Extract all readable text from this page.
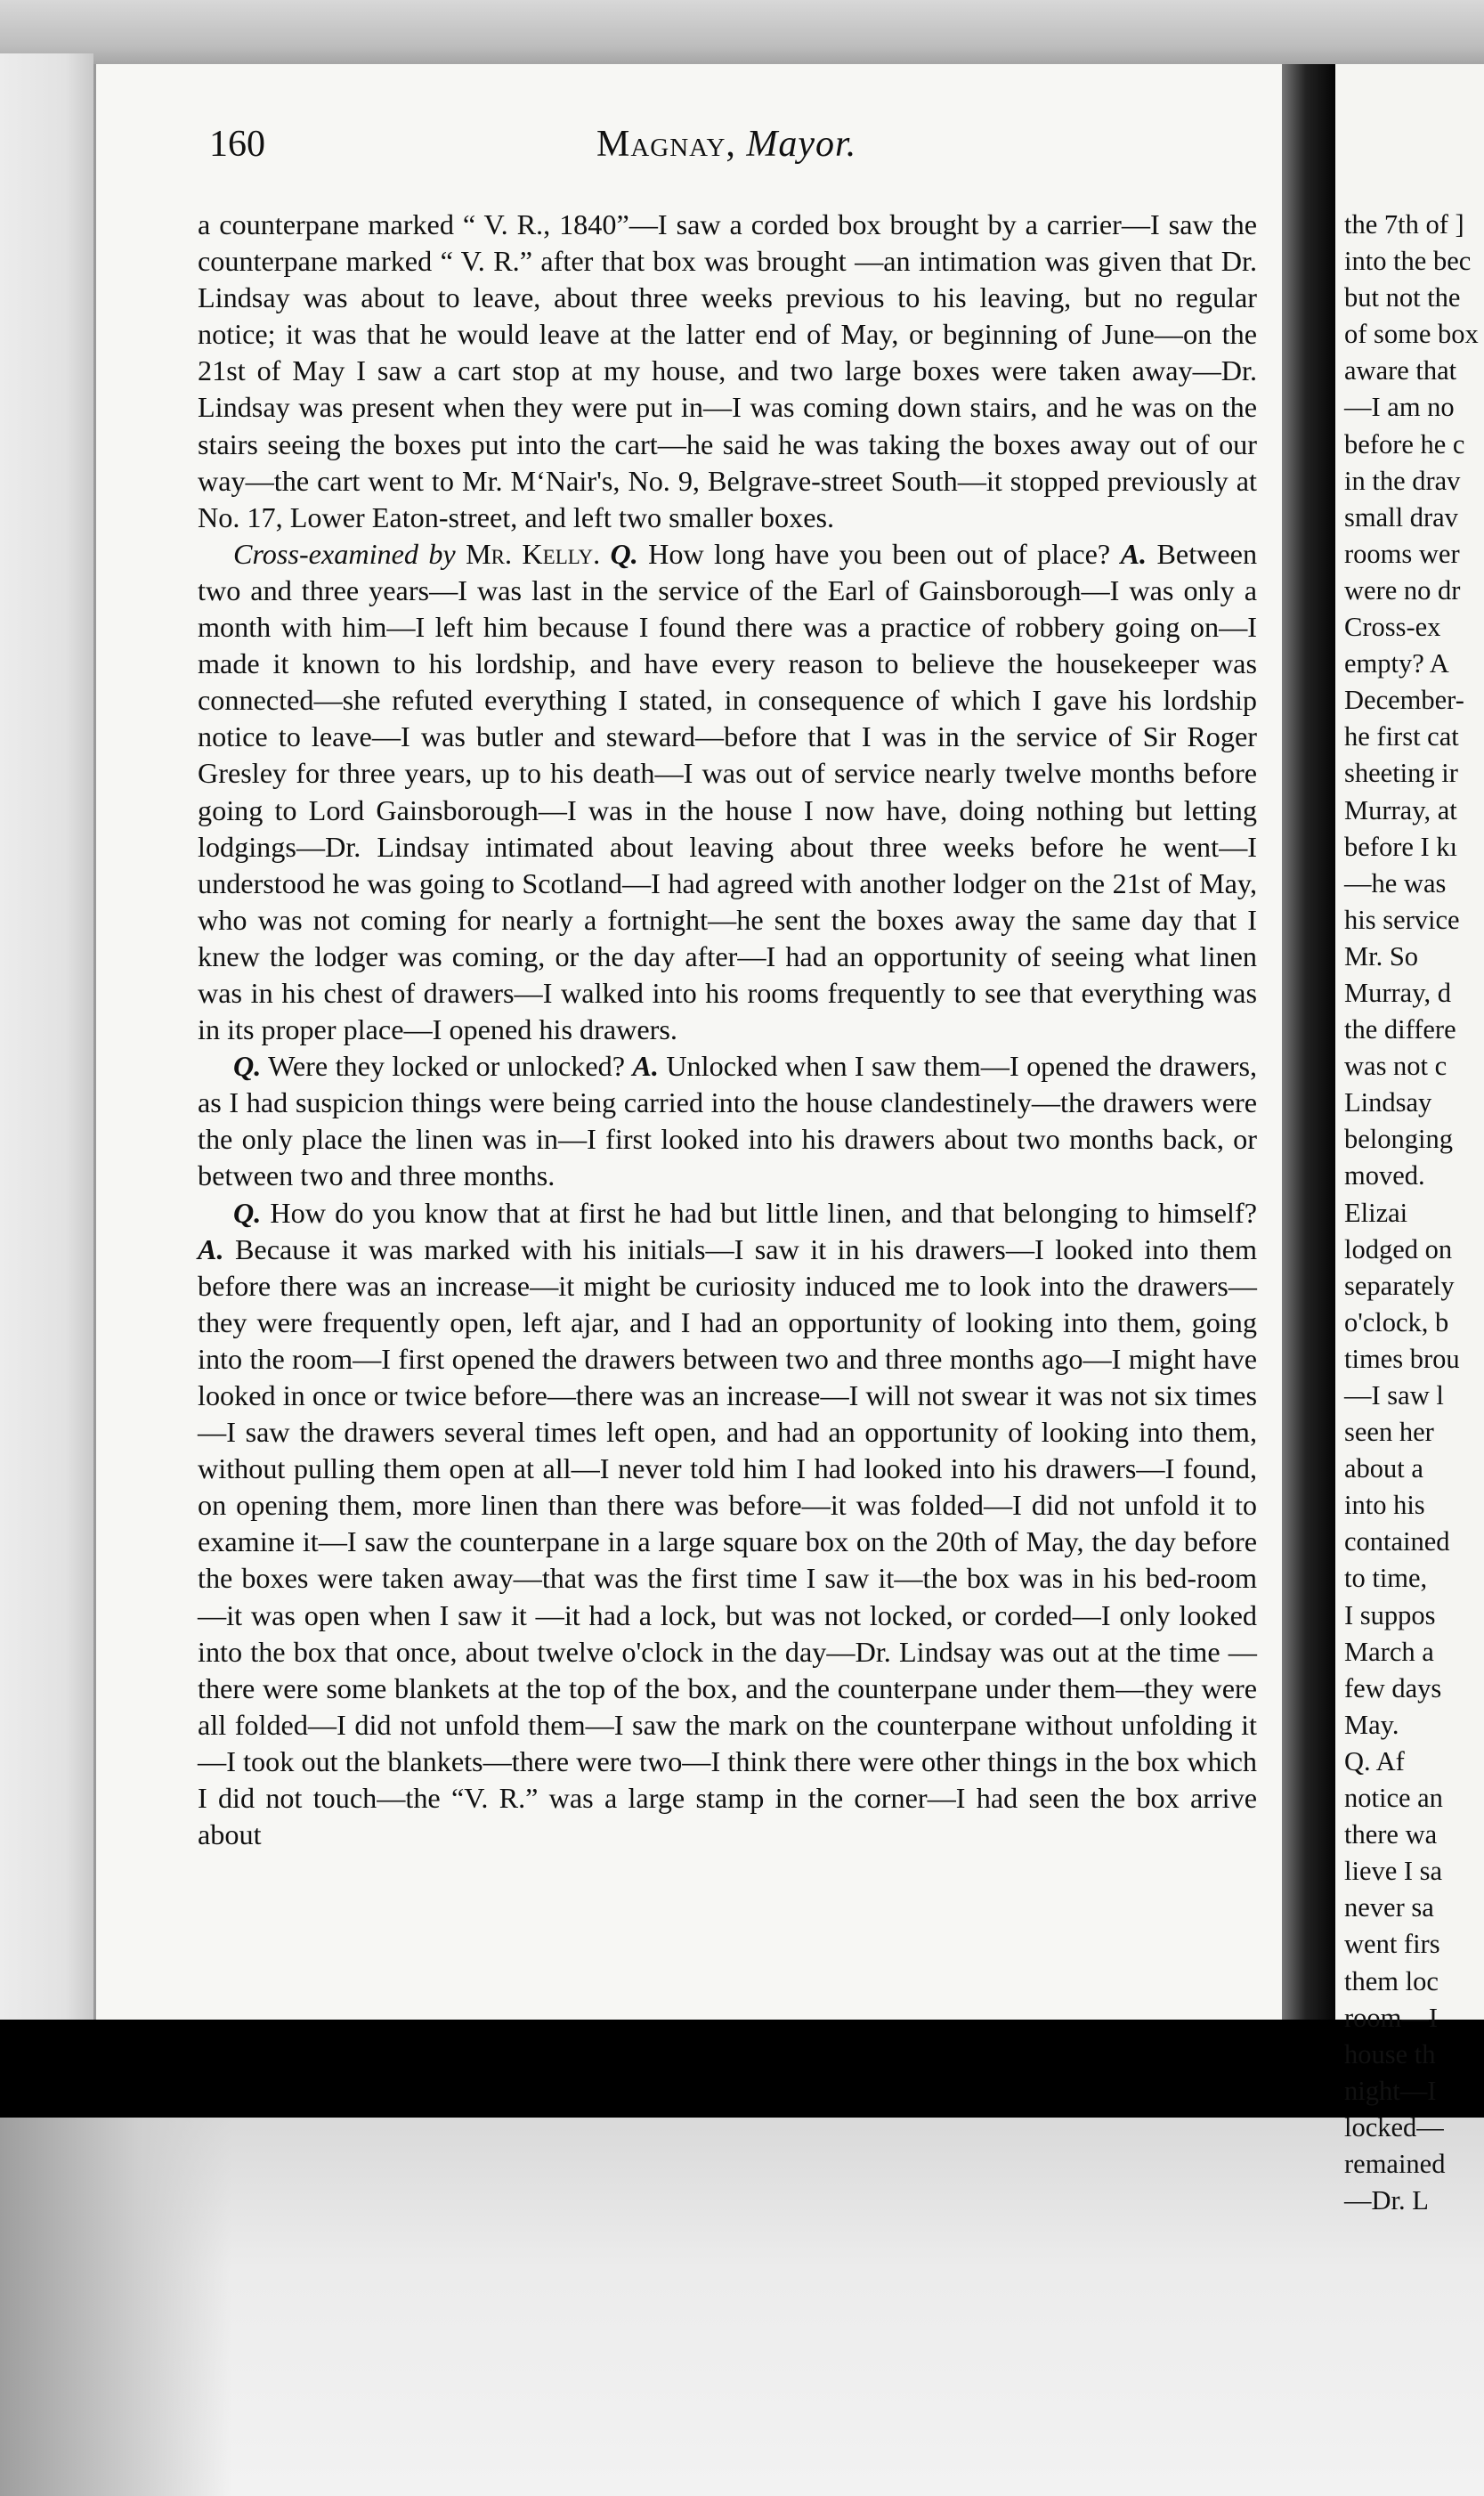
160	Magnay, Mayor.

a counterpane marked “ V. R., 1840”—I saw a corded box brought by a carrier—I saw the counterpane marked “ V. R.” after that box was brought —an intimation was given that Dr. Lindsay was about to leave, about three weeks previous to his leaving, but no regular notice; it was that he would leave at the latter end of May, or beginning of June—on the 21st of May I saw a cart stop at my house, and two large boxes were taken away—Dr. Lindsay was present when they were put in—I was coming down stairs, and he was on the stairs seeing the boxes put into the cart—he said he was taking the boxes away out of our way—the cart went to Mr. M‘Nair's, No. 9, Belgrave-street South—it stopped previously at No. 17, Lower Eaton-street, and left two smaller boxes.

Cross-examined by Mr. Kelly. Q. How long have you been out of place? A. Between two and three years—I was last in the service of the Earl of Gainsborough—I was only a month with him—I left him because I found there was a practice of robbery going on—I made it known to his lordship, and have every reason to believe the housekeeper was connected—she refuted everything I stated, in consequence of which I gave his lordship notice to leave—I was butler and steward—before that I was in the service of Sir Roger Gresley for three years, up to his death—I was out of service nearly twelve months before going to Lord Gainsborough—I was in the house I now have, doing nothing but letting lodgings—Dr. Lindsay intimated about leaving about three weeks before he went—I understood he was going to Scotland—I had agreed with another lodger on the 21st of May, who was not coming for nearly a fortnight—he sent the boxes away the same day that I knew the lodger was coming, or the day after—I had an opportunity of seeing what linen was in his chest of drawers—I walked into his rooms frequently to see that everything was in its proper place—I opened his drawers.

Q. Were they locked or unlocked? A. Unlocked when I saw them—I opened the drawers, as I had suspicion things were being carried into the house clandestinely—the drawers were the only place the linen was in—I first looked into his drawers about two months back, or between two and three months.

Q. How do you know that at first he had but little linen, and that belonging to himself? A. Because it was marked with his initials—I saw it in his drawers—I looked into them before there was an increase—it might be curiosity induced me to look into the drawers—they were frequently open, left ajar, and I had an opportunity of looking into them, going into the room—I first opened the drawers between two and three months ago—I might have looked in once or twice before—there was an increase—I will not swear it was not six times—I saw the drawers several times left open, and had an opportunity of looking into them, without pulling them open at all—I never told him I had looked into his drawers—I found, on opening them, more linen than there was before—it was folded—I did not unfold it to examine it—I saw the counterpane in a large square box on the 20th of May, the day before the boxes were taken away—that was the first time I saw it—the box was in his bed-room—it was open when I saw it —it had a lock, but was not locked, or corded—I only looked into the box that once, about twelve o'clock in the day—Dr. Lindsay was out at the time —there were some blankets at the top of the box, and the counterpane under them—they were all folded—I did not unfold them—I saw the mark on the counterpane without unfolding it—I took out the blankets—there were two—I think there were other things in the box which I did not touch—the “V. R.” was a large stamp in the corner—I had seen the box arrive about

the 7th of ]
into the bec
but not the
of some box
aware that
—I am no
before he c
in the drav
small drav
rooms wer
were no dr
Cross-ex
empty? A
December-
he first cat
sheeting ir
Murray, at
before I kı
—he was
his service
Mr. So
Murray, d
the differe
was not c
Lindsay
belonging
moved.
Elizai
lodged on
separately
o'clock, b
times brou
—I saw l
seen her
about a
into his
contained
to time,
I suppos
March a
few days
May.
Q. Af
notice an
there wa
lieve I sa
never sa
went firs
them loc
room—I
house th
night—I
locked—
remained
—Dr. L
